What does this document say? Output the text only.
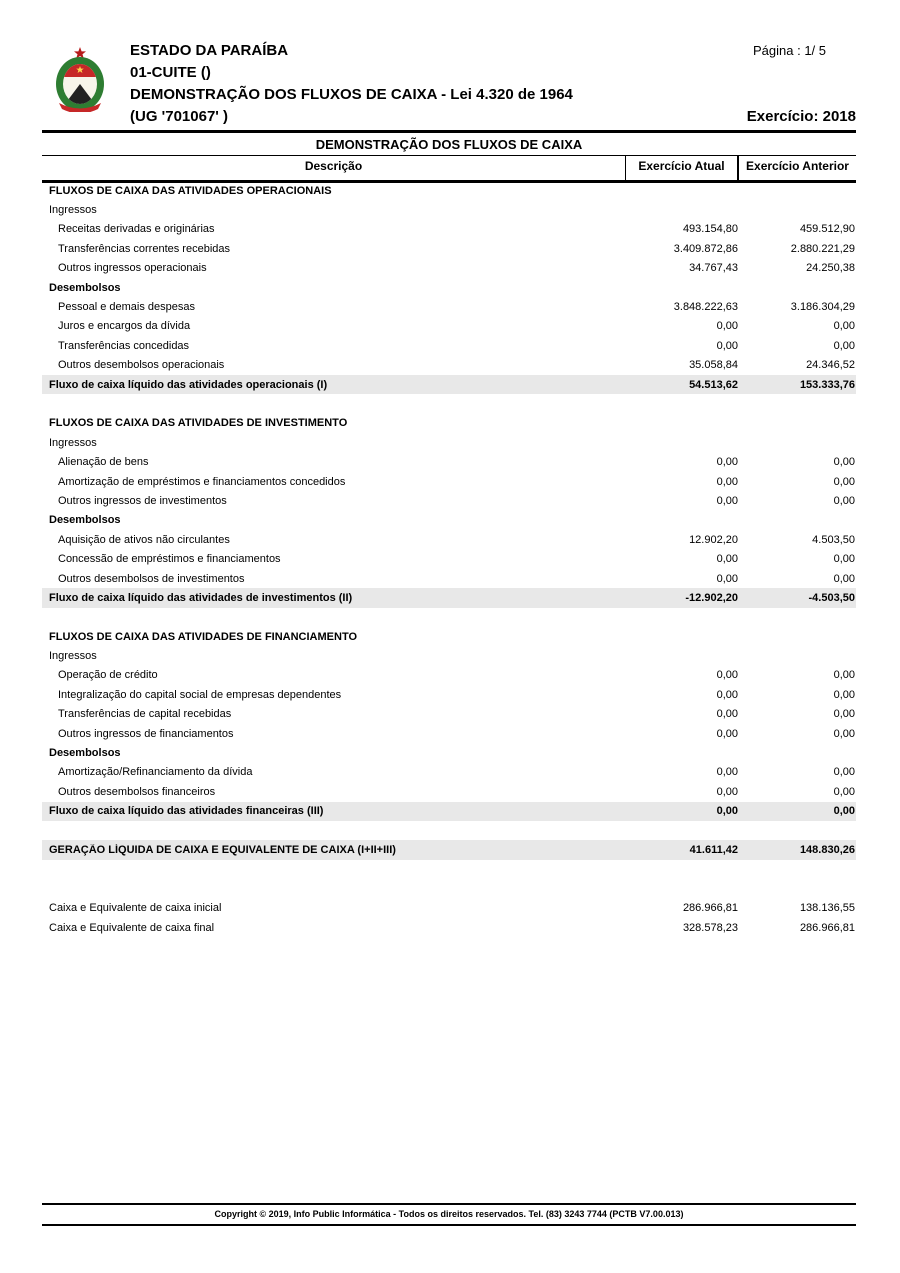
ESTADO DA PARAÍBA
01-CUITE ()
DEMONSTRAÇÃO DOS FLUXOS DE CAIXA - Lei 4.320 de 1964
(UG '701067' )
Página : 1/ 5
Exercício: 2018
DEMONSTRAÇÃO DOS FLUXOS DE CAIXA
Descrição	Exercício Atual	Exercício Anterior
FLUXOS DE CAIXA DAS ATIVIDADES OPERACIONAIS
Ingressos
Receitas derivadas e originárias	493.154,80	459.512,90
Transferências correntes recebidas	3.409.872,86	2.880.221,29
Outros ingressos operacionais	34.767,43	24.250,38
Desembolsos
Pessoal e demais despesas	3.848.222,63	3.186.304,29
Juros e encargos da dívida	0,00	0,00
Transferências concedidas	0,00	0,00
Outros desembolsos operacionais	35.058,84	24.346,52
Fluxo de caixa líquido das atividades operacionais (I)	54.513,62	153.333,76
FLUXOS DE CAIXA DAS ATIVIDADES DE INVESTIMENTO
Ingressos
Alienação de bens	0,00	0,00
Amortização de empréstimos e financiamentos concedidos	0,00	0,00
Outros ingressos de investimentos	0,00	0,00
Desembolsos
Aquisição de ativos não circulantes	12.902,20	4.503,50
Concessão de empréstimos e financiamentos	0,00	0,00
Outros desembolsos de investimentos	0,00	0,00
Fluxo de caixa líquido das atividades de investimentos (II)	-12.902,20	-4.503,50
FLUXOS DE CAIXA DAS ATIVIDADES DE FINANCIAMENTO
Ingressos
Operação de crédito	0,00	0,00
Integralização do capital social de empresas dependentes	0,00	0,00
Transferências de capital recebidas	0,00	0,00
Outros ingressos de financiamentos	0,00	0,00
Desembolsos
Amortização/Refinanciamento da dívida	0,00	0,00
Outros desembolsos financeiros	0,00	0,00
Fluxo de caixa líquido das atividades financeiras (III)	0,00	0,00
GERAÇÃO LÍQUIDA DE CAIXA E EQUIVALENTE DE CAIXA (I+II+III)	41.611,42	148.830,26
Caixa e Equivalente de caixa inicial	286.966,81	138.136,55
Caixa e Equivalente de caixa final	328.578,23	286.966,81
Copyright © 2019, Info Public Informática - Todos os direitos reservados. Tel. (83) 3243 7744 (PCTB V7.00.013)
